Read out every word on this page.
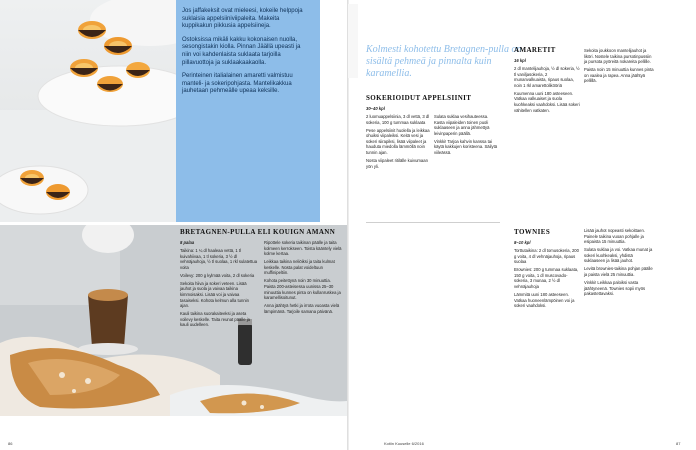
Jos jaffakeksit ovat mieleesi, kokeile helppoja suklaisia appelsiiniviipaleita. Makeita kuppikakun pikkusia appelsiineja.

Ostoksissa mikäli kakku kokonaisen nuolla, sesongistakin kiolla. Pinnan Jäällä upeasti ja niin voi kahdenlaista suklaata tarjoilla pillavuottoja ja suklaakaakaolla.

Perinteinen italialainen amaretti valmistuu manteli- ja sokeripohjasta. Mantelikakkua jauhetaan pehmeälle upeaa keksille.

BRETAGNEN-PULLA ELI KOUIGN AMANN
8 palaa

Taikina: 1 ¼ dl haaleaa vettä, 1 tl kuivahiivaa, 1 tl sokeria, 3 ½ dl vehnäjauhoja, ½ tl suolaa, 1 rkl sulatettua voita

Voilevy: 200 g kylmää voita, 2 dl sokeria

Sekoita hiiva ja sokeri veteen. Lisää jauhot ja suola ja vaivaa taikina kimmoisaksi. Lisää voi ja vaivaa tasaiseksi. Kohota kelmun alla tunnin ajan.

Kauli taikina suorakaiteeksi ja aseta voilevy keskelle. Taita reunat päälle ja kauli uudelleen.

Ripottele sokeria taikinan päälle ja taita kolmeen kerrokseen. Toista kääntely vielä kolme kertaa.

Leikkaa taikina neliöiksi ja taita kulmat keskelle. Nosta palat voideltuun muffinipeltiin.

Kohota peitettynä noin 30 minuuttia. Paista 200-asteisessa uunissa 25–30 minuuttia kunnes pinta on kullanruskea ja karamellisoitunut.

Anna jäähtyä hetki ja irrota vuoasta vielä lämpimänä. Tarjoile samana päivänä.

86
Kolmesti kohotettu Bretagnen-pulla on sisältä pehmeä ja pinnalta kuin karamellia.
SOKERIOIDUT APPELSIINIT
30–40 kpl

2 luomuappelsiinia, 3 dl vettä, 3 dl sokeria, 100 g tummaa suklaata

Pese appelsiinit huolella ja leikkaa ohuiksi viipaleiksi. Keitä vesi ja sokeri siirapiksi, lisää viipaleet ja hauduta miedolla lämmöllä noin tunnin ajan.

Nosta viipaleet ritilälle kuivumaan yön yli.

Sulata suklaa vesihauteessa. Kasta viipaleiden toinen puoli suklaaseen ja anna jähmettyä leivinpaperin päällä.

Vinkki! Tarjoa kahvin kanssa tai käytä kakkujen koristeena. Säilytä viileässä.

AMARETIT
16 kpl

2 dl mantelijauhoja, ½ dl sokeria, ½ tl vaniljasokeria, 2 munanvalkuaista, ripaus suolaa, noin 1 rkl amarettolikööriä

Kuumenna uuni 180 asteeseen. Vatkaa valkuaiset ja suola kuohkeaksi vaahdoksi. Lisää sokeri vähitellen vatkaten.

Sekoita joukkoon mantelijauhot ja liköri. Nostele taikina pursotinpussiin ja pursota pyöreitä nokareita pellille.

Paista noin 15 minuuttia kunnes pinta on vaalea ja rapea. Anna jäähtyä pellillä.

TOWNIES
8–10 kpl

Torttutaikina: 2 dl tomusokeria, 200 g voita, 4 dl vehnäjauhoja, ripaus suolaa

Brownies: 200 g tummaa suklaata, 150 g voita, 1 dl muscovado-sokeria, 3 munaa, 2 ½ dl vehnäjauhoja

Lämmitä uuni 180 asteeseen. Vatkaa huoneenlämpöinen voi ja sokeri vaahdoksi.

Lisää jauhot nopeasti sekoittaen. Painele taikina vuoan pohjalle ja esipaista 15 minuuttia.

Sulata suklaa ja voi. Vatkaa munat ja sokeri kuohkeaksi, yhdistä suklaaseen ja lisää jauhot.

Levitä brownies-taikina pohjan päälle ja paista vielä 25 minuuttia.

Vinkki! Leikkaa paloiksi vasta jäähtyneenä. Townies sopii myös pakastettavaksi.

Kotiin Kuuselle 6/2016	87
